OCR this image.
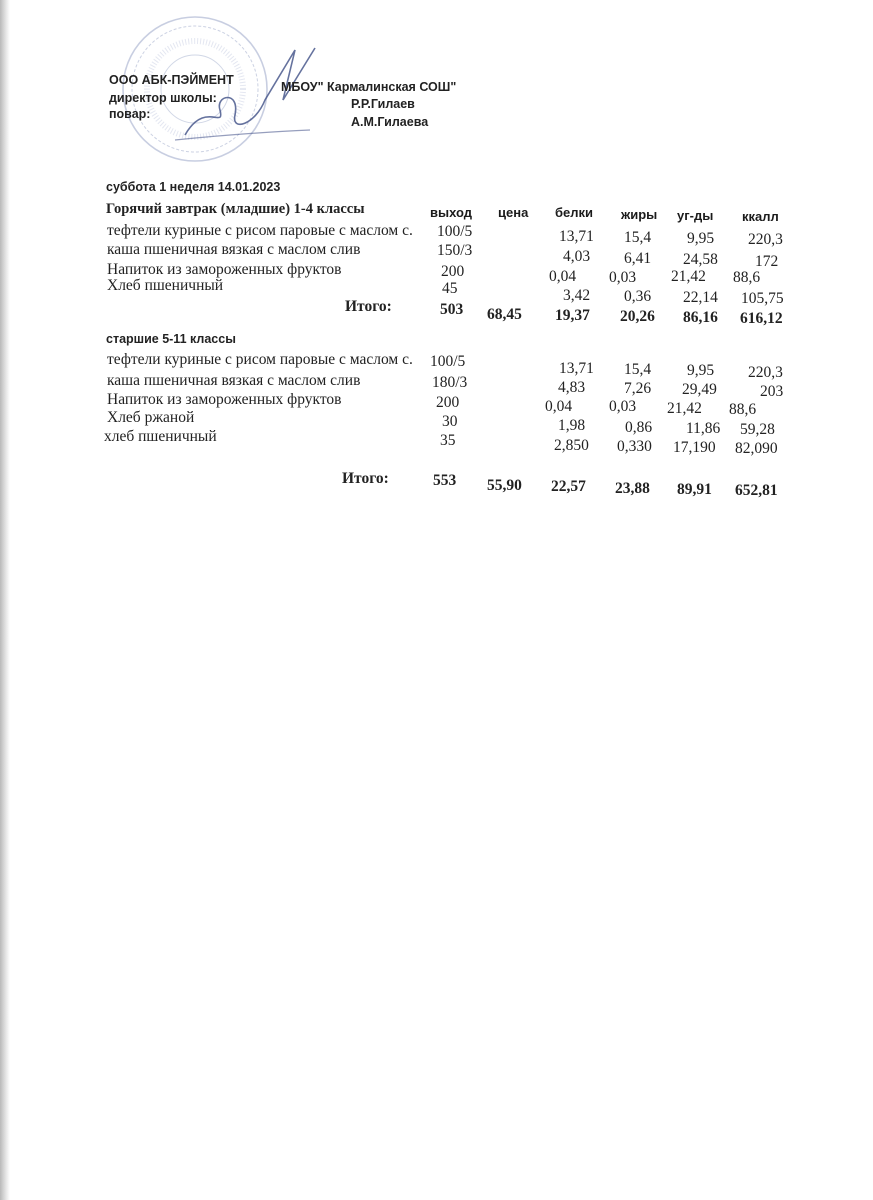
ООО АБК-ПЭЙМЕНТ
директор школы:
повар:
МБОУ" Кармалинская СОШ"
Р.Р.Гилаев
А.М.Гилаева
суббота 1 неделя 14.01.2023
Горячий завтрак (младшие) 1-4 классы	выход цена белки жиры уг-ды ккалл
тефтели куриные с рисом паровые с маслом с.	100/5	13,71 15,4 9,95 220,3
каша пшеничная вязкая с маслом слив	150/3	4,03 6,41 24,58 172
Напиток из замороженных фруктов	200	0,04 0,03 21,42 88,6
Хлеб пшеничный	45	3,42 0,36 22,14 105,75
Итого:	503 68,45 19,37 20,26 86,16 616,12
старшие 5-11 классы
тефтели куриные с рисом паровые с маслом с. 100/5	13,71 15,4 9,95 220,3
каша пшеничная вязкая с маслом слив	180/3	4,83	7,26 29,49	203
Напиток из замороженных фруктов	200	0,04 0,03 21,42 88,6
Хлеб ржаной	30	1,98	0,86 11,86 59,28
хлеб пшеничный	35	2,850 0,330 17,190 82,090
Итого:	553 55,90 22,57 23,88 89,91 652,81
